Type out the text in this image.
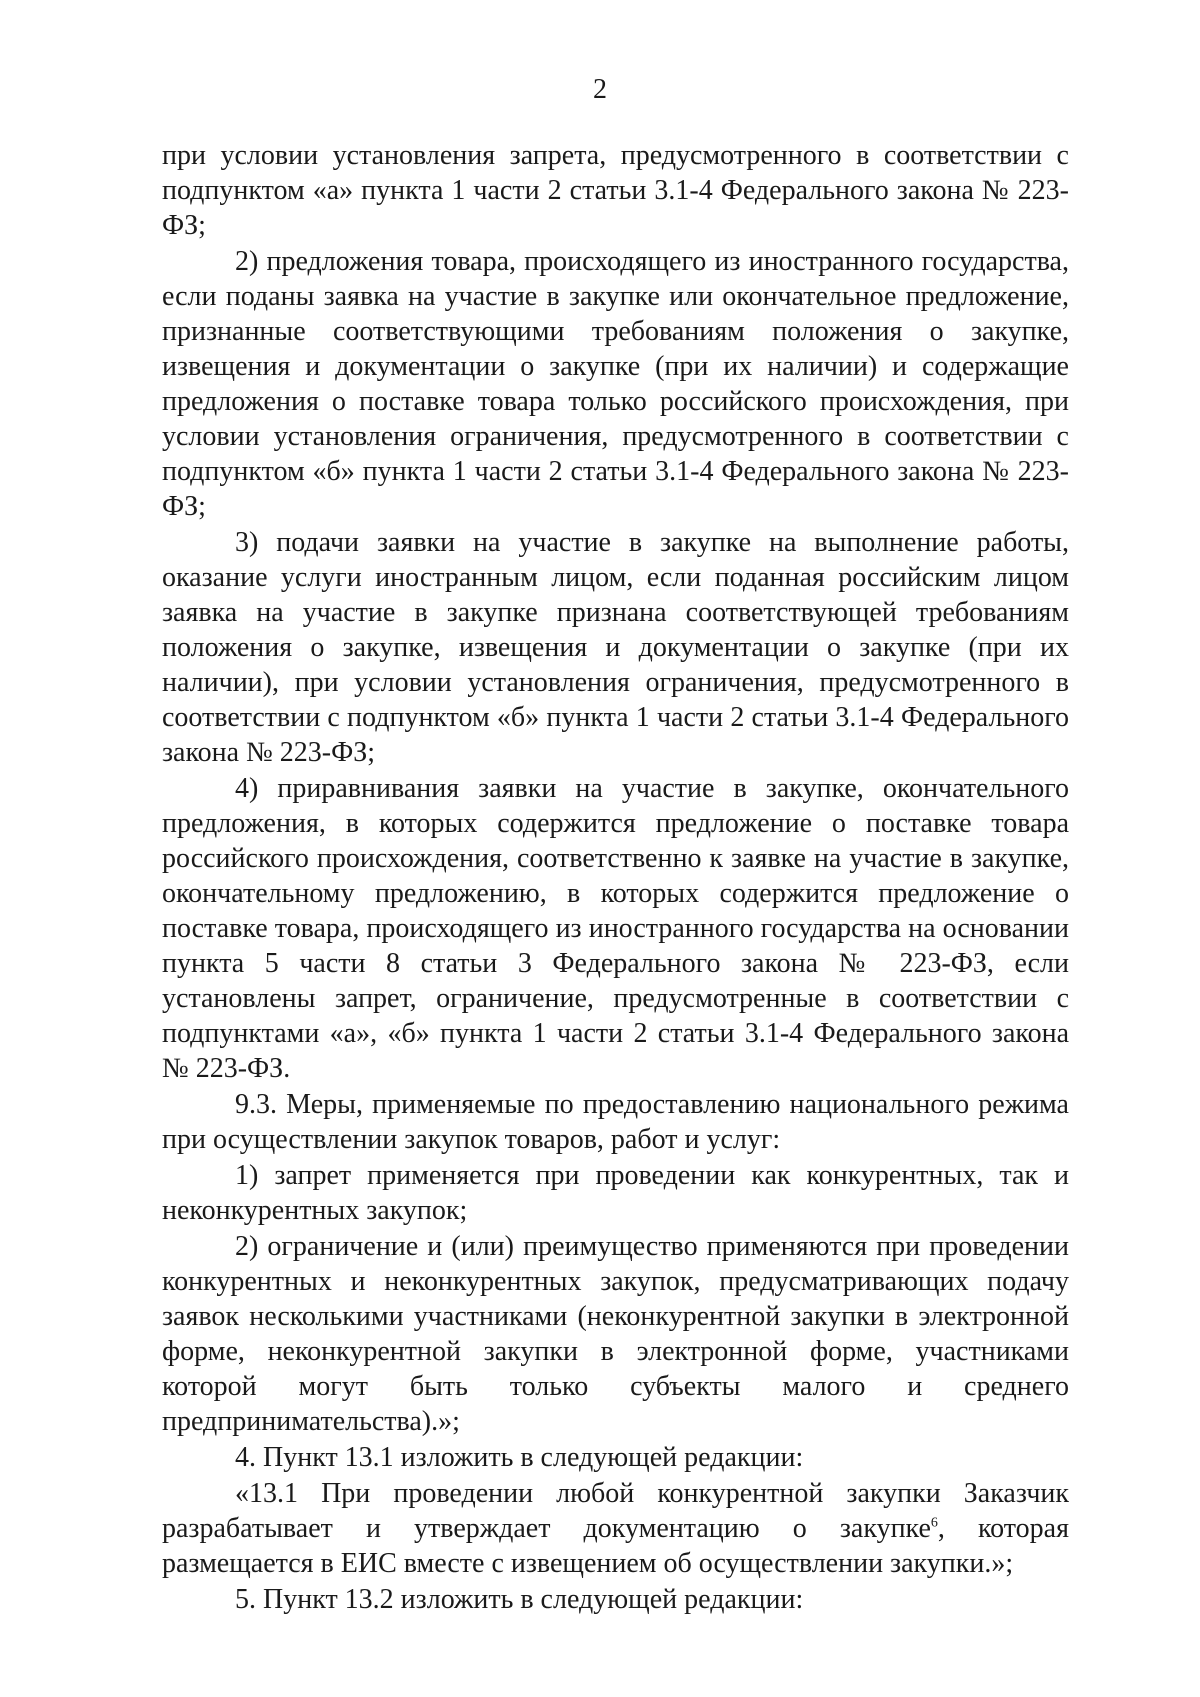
2

при условии установления запрета, предусмотренного в соответствии с подпунктом «а» пункта 1 части 2 статьи 3.1-4 Федерального закона № 223-ФЗ;

2) предложения товара, происходящего из иностранного государства, если поданы заявка на участие в закупке или окончательное предложение, признанные соответствующими требованиям положения о закупке, извещения и документации о закупке (при их наличии) и содержащие предложения о поставке товара только российского происхождения, при условии установления ограничения, предусмотренного в соответствии с подпунктом «б» пункта 1 части 2 статьи 3.1-4 Федерального закона № 223-ФЗ;

3) подачи заявки на участие в закупке на выполнение работы, оказание услуги иностранным лицом, если поданная российским лицом заявка на участие в закупке признана соответствующей требованиям положения о закупке, извещения и документации о закупке (при их наличии), при условии установления ограничения, предусмотренного в соответствии с подпунктом «б» пункта 1 части 2 статьи 3.1-4 Федерального закона № 223-ФЗ;

4) приравнивания заявки на участие в закупке, окончательного предложения, в которых содержится предложение о поставке товара российского происхождения, соответственно к заявке на участие в закупке, окончательному предложению, в которых содержится предложение о поставке товара, происходящего из иностранного государства на основании пункта 5 части 8 статьи 3 Федерального закона № 223-ФЗ, если установлены запрет, ограничение, предусмотренные в соответствии с подпунктами «а», «б» пункта 1 части 2 статьи 3.1-4 Федерального закона № 223-ФЗ.

9.3. Меры, применяемые по предоставлению национального режима при осуществлении закупок товаров, работ и услуг:

1) запрет применяется при проведении как конкурентных, так и неконкурентных закупок;

2) ограничение и (или) преимущество применяются при проведении конкурентных и неконкурентных закупок, предусматривающих подачу заявок несколькими участниками (неконкурентной закупки в электронной форме, неконкурентной закупки в электронной форме, участниками которой могут быть только субъекты малого и среднего предпринимательства).»;

4. Пункт 13.1 изложить в следующей редакции:

«13.1 При проведении любой конкурентной закупки Заказчик разрабатывает и утверждает документацию о закупке$^6$, которая размещается в ЕИС вместе с извещением об осуществлении закупки.»;

5. Пункт 13.2 изложить в следующей редакции:
